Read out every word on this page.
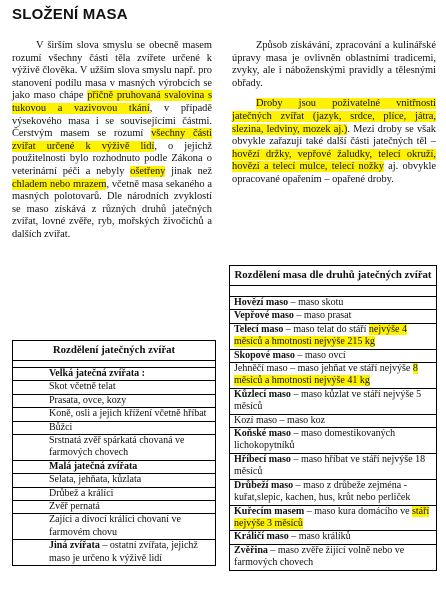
SLOŽENÍ MASA

V širším slova smyslu se obecně masem rozumí všechny části těla zvířete určené k výživě člověka. V užším slova smyslu např. pro stanovení podílu masa v masných výrobcích se jako maso chápe příčně pruhovaná svalovina s tukovou a vazivovou tkání, v případě výsekového masa i se souvisejícími částmi. Čerstvým masem se rozumí všechny části zvířat určené k výživě lidí, o jejichž použitelnosti bylo rozhodnuto podle Zákona o veterinární péči a nebyly ošetřeny jinak než chladem nebo mrazem, včetně masa sekaného a masných polotovarů. Dle národních zvyklostí se maso získává z různých druhů jatečných zvířat, lovné zvěře, ryb, mořských živočichů a dalších zvířat.

Způsob získávání, zpracování a kulinářské úpravy masa je ovlivněn oblastními tradicemi, zvyky, ale i náboženskými pravidly a tělesnými obřady.

Droby jsou poživatelné vnitřnosti jatečných zvířat (jazyk, srdce, plíce, játra, slezina, ledviny, mozek aj.). Mezi droby se však obvykle zařazují také další části jatečných těl – hovězí držky, vepřové žaludky, telecí okruží, hovězí a telecí mulce, telecí nožky aj. obvykle opracované opařením – opařené droby.

Rozdělení jatečných zvířat

Velká jatečná zvířata :
Skot včetně telat
Prasata, ovce, kozy
Koně, osli a jejich křížení včetně hříbat
Bůžci
Srstnatá zvěř spárkatá chovaná ve farmových chovech
Malá jatečná zvířata
Selata, jehňata, kůzlata
Drůbež a králíci
Zvěř pernatá
Zajíci a divocí králíci chovaní ve farmovém chovu
Jiná zvířata – ostatní zvířata, jejichž maso je určeno k výživě lidí
Rozdělení masa dle druhů jatečných zvířat

Hovězí maso – maso skotu
Vepřové maso – maso prasat
Telecí maso – maso telat do stáří nejvýše 4 měsíců a hmotnosti nejvýše 215 kg
Skopové maso – maso ovcí
Jehněčí maso – maso jehňat ve stáří nejvýše 8 měsíců a hmotnosti nejvýše 41 kg
Kůzlecí maso – maso kůzlat ve stáří nejvýše 5 měsíců
Kozí maso – maso koz
Koňské maso – maso domestikovaných lichokopytníků
Hříbecí maso – maso hříbat ve stáří nejvýše 18 měsíců
Drůbeží maso – maso z drůbeže zejména - kuřat,slepic, kachen, hus, krůt nebo perliček
Kuřecím masem – maso kura domácího ve stáří nejvýše 3 měsíců
Králičí maso – maso králíků
Zvěřina – maso zvěře žijící volně nebo ve farmových chovech
